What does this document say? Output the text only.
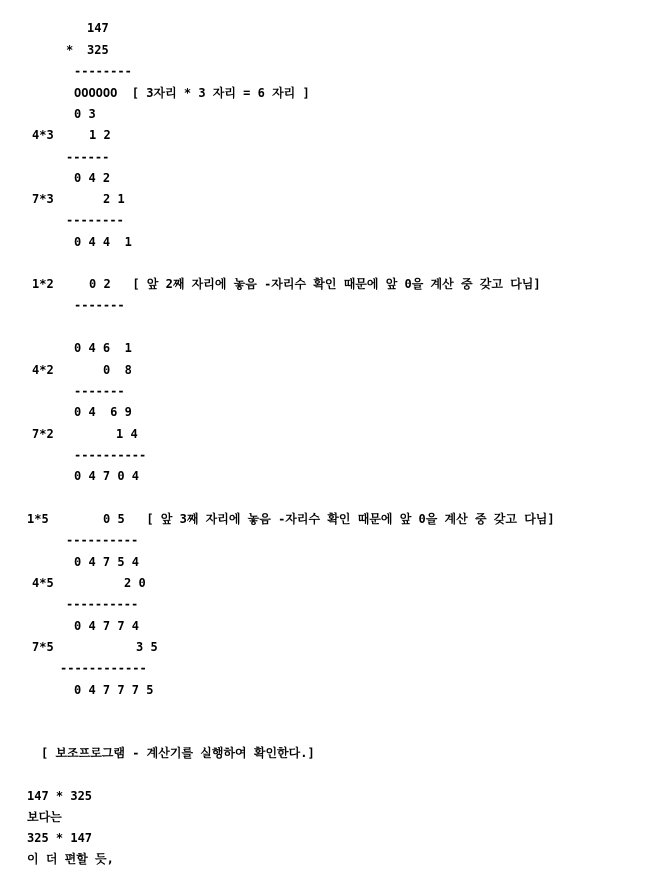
147
* 325
--------
OOOOOO  [ 3자리 * 3 자리 = 6 자리 ]
0 3
4*3	1 2
------
0 4 2
7*3	2 1
--------
0 4 4  1
1*2	0 2   [ 앞 2째 자리에 놓음 -자리수 확인 때문에 앞 0을 계산 중 갖고 다님]
-------
0 4 6  1
4*2	0  8
-------
0 4  6 9
7*2	1 4
----------
0 4 7 0 4
1*5	0 5   [ 앞 3째 자리에 놓음 -자리수 확인 때문에 앞 0을 계산 중 갖고 다님]
----------
0 4 7 5 4
4*5	2 0
----------
0 4 7 7 4
7*5	3 5
------------
0 4 7 7 7 5
[ 보조프로그램 - 계산기를 실행하여 확인한다.]
147 * 325
보다는
325 * 147
이 더 편할 듯,
